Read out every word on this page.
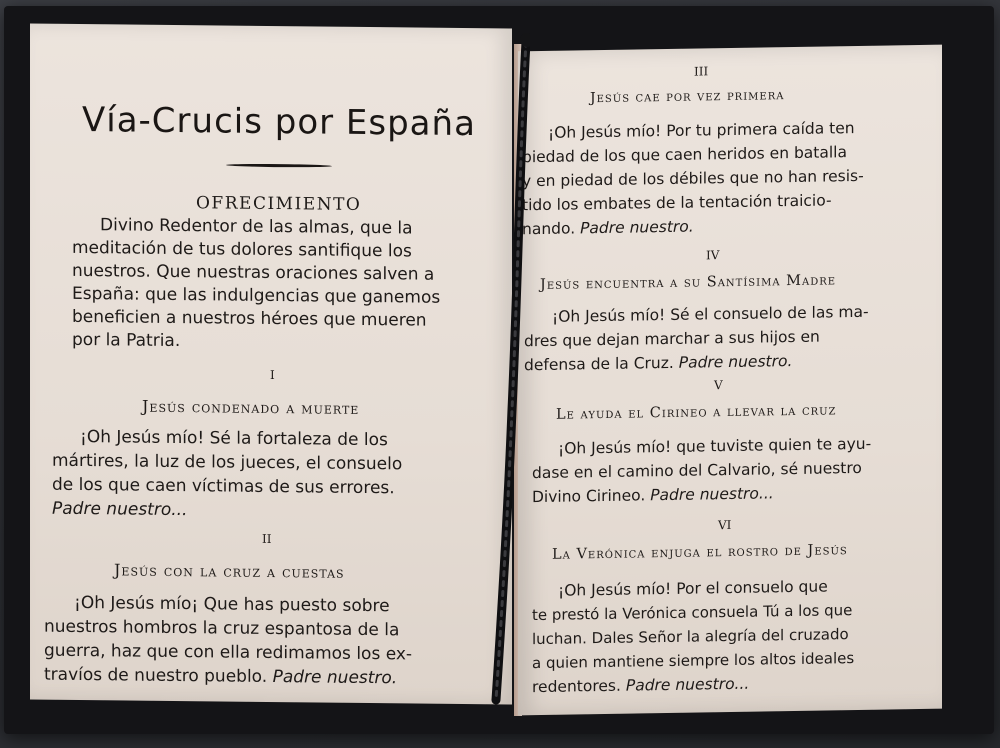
Vía-Crucis por España

OFRECIMIENTO

Divino Redentor de las almas, que la

meditación de tus dolores santifique los

nuestros. Que nuestras oraciones salven a

España: que las indulgencias que ganemos

beneficien a nuestros héroes que mueren

por la Patria.

I

Jesús condenado a muerte

¡Oh Jesús mío! Sé la fortaleza de los

mártires, la luz de los jueces, el consuelo

de los que caen víctimas de sus errores.

Padre nuestro...

II

Jesús con la cruz a cuestas

¡Oh Jesús mío¡ Que has puesto sobre

nuestros hombros la cruz espantosa de la

guerra, haz que con ella redimamos los ex-

travíos de nuestro pueblo. Padre nuestro.

III

Jesús cae por vez primera

¡Oh Jesús mío! Por tu primera caída ten

piedad de los que caen heridos en batalla

y en piedad de los débiles que no han resis-

tido los embates de la tentación traicio-

nando. Padre nuestro.

IV

Jesús encuentra a su Santísima Madre

¡Oh Jesús mío! Sé el consuelo de las ma-

dres que dejan marchar a sus hijos en

defensa de la Cruz. Padre nuestro.

V

Le ayuda el Cirineo a llevar la cruz

¡Oh Jesús mío! que tuviste quien te ayu-

dase en el camino del Calvario, sé nuestro

Divino Cirineo. Padre nuestro...

VI

La Verónica enjuga el rostro de Jesús

¡Oh Jesús mío! Por el consuelo que

te prestó la Verónica consuela Tú a los que

luchan. Dales Señor la alegría del cruzado

a quien mantiene siempre los altos ideales

redentores. Padre nuestro...
